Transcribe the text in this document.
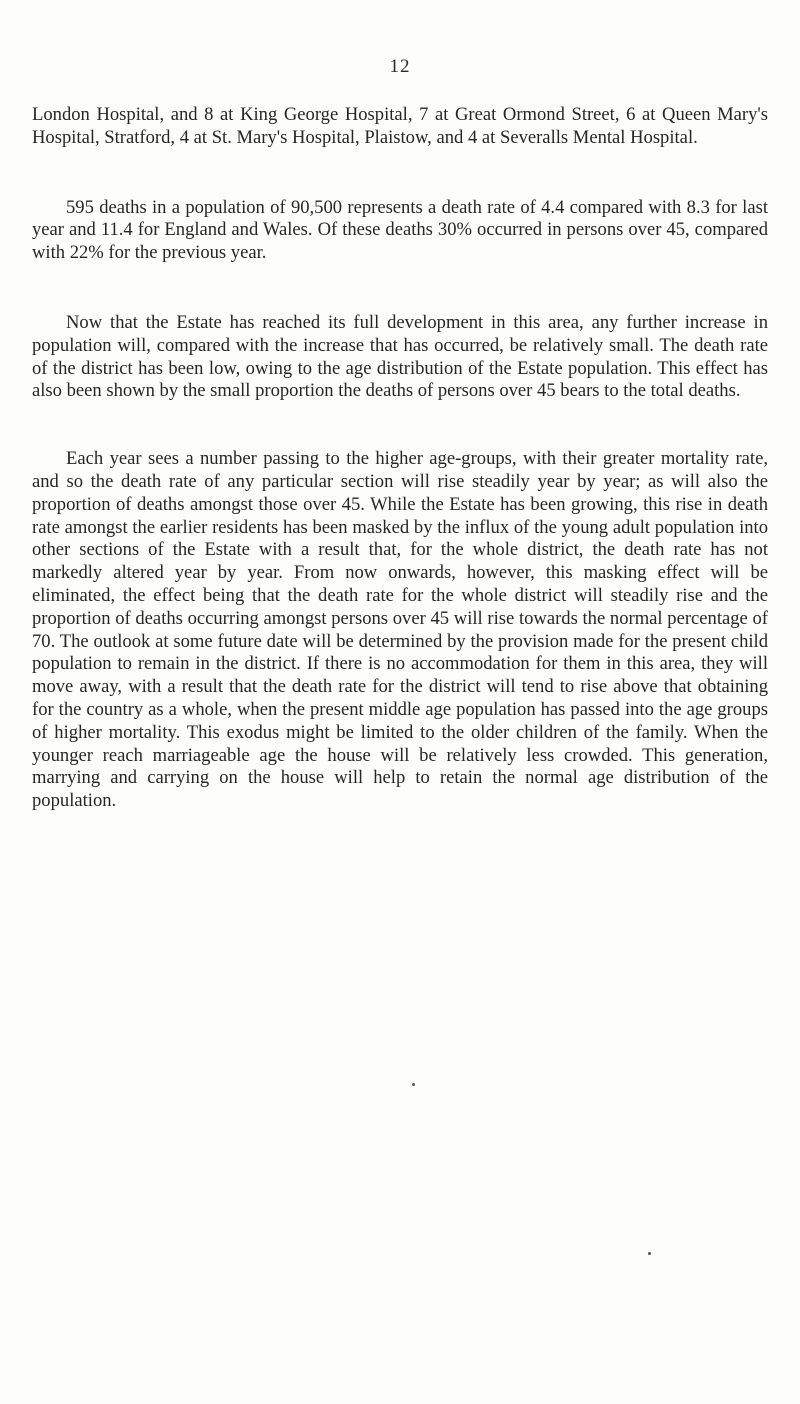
12

London Hospital, and 8 at King George Hospital, 7 at Great Ormond Street, 6 at Queen Mary's Hospital, Stratford, 4 at St. Mary's Hospital, Plaistow, and 4 at Severalls Mental Hospital.

595 deaths in a population of 90,500 represents a death rate of 4.4 compared with 8.3 for last year and 11.4 for England and Wales. Of these deaths 30% occurred in persons over 45, compared with 22% for the previous year.

Now that the Estate has reached its full development in this area, any further increase in population will, compared with the increase that has occurred, be relatively small. The death rate of the district has been low, owing to the age distribution of the Estate population. This effect has also been shown by the small proportion the deaths of persons over 45 bears to the total deaths.

Each year sees a number passing to the higher age-groups, with their greater mortality rate, and so the death rate of any particular section will rise steadily year by year; as will also the proportion of deaths amongst those over 45. While the Estate has been growing, this rise in death rate amongst the earlier residents has been masked by the influx of the young adult population into other sections of the Estate with a result that, for the whole district, the death rate has not markedly altered year by year. From now onwards, however, this masking effect will be eliminated, the effect being that the death rate for the whole district will steadily rise and the proportion of deaths occurring amongst persons over 45 will rise towards the normal percentage of 70. The outlook at some future date will be determined by the provision made for the present child population to remain in the district. If there is no accommodation for them in this area, they will move away, with a result that the death rate for the district will tend to rise above that obtaining for the country as a whole, when the present middle age population has passed into the age groups of higher mortality. This exodus might be limited to the older children of the family. When the younger reach marriageable age the house will be relatively less crowded. This generation, marrying and carrying on the house will help to retain the normal age distribution of the population.
